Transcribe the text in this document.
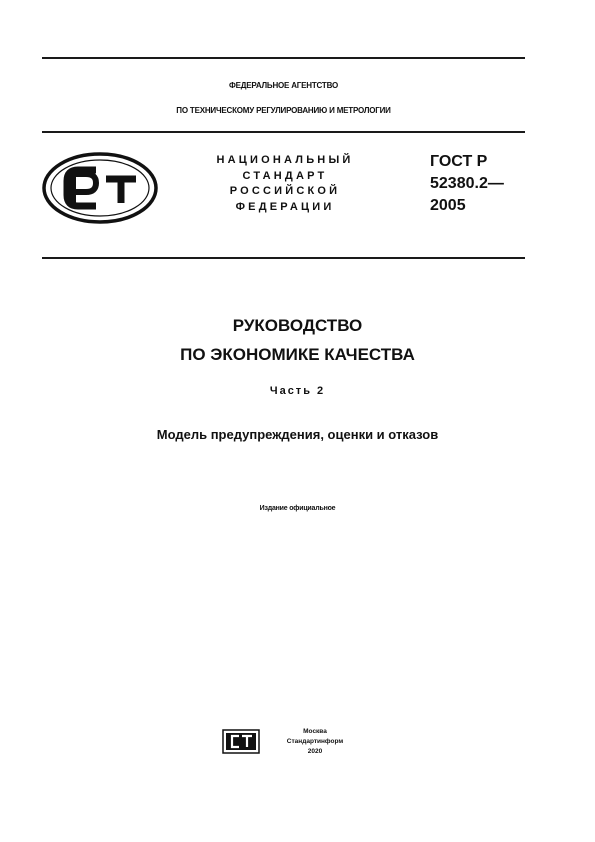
ФЕДЕРАЛЬНОЕ АГЕНТСТВО
ПО ТЕХНИЧЕСКОМУ РЕГУЛИРОВАНИЮ И МЕТРОЛОГИИ
НАЦИОНАЛЬНЫЙ
СТАНДАРТ
РОССИЙСКОЙ
ФЕДЕРАЦИИ
ГОСТ Р
52380.2—
2005
РУКОВОДСТВО
ПО ЭКОНОМИКЕ КАЧЕСТВА
Часть 2
Модель предупреждения, оценки и отказов
Издание официальное
Москва
Стандартинформ
2020
